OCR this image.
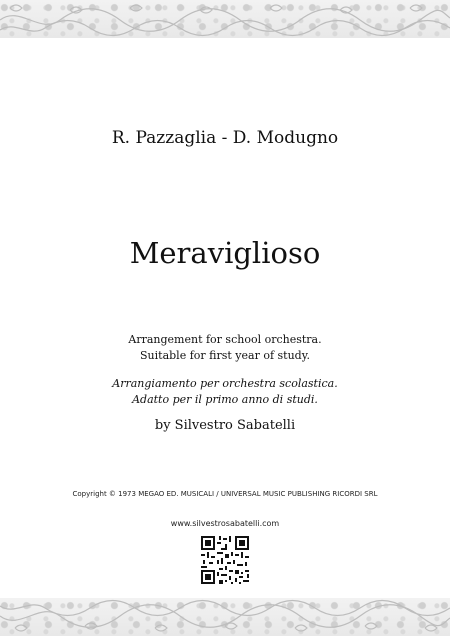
R. Pazzaglia - D. Modugno
Meraviglioso
Arrangement for school orchestra.
Suitable for first year of study.
Arrangiamento per orchestra scolastica.
Adatto per il primo anno di studi.
by Silvestro Sabatelli
Copyright © 1973 MEGAO ED. MUSICALI / UNIVERSAL MUSIC PUBLISHING RICORDI SRL
www.silvestrosabatelli.com
